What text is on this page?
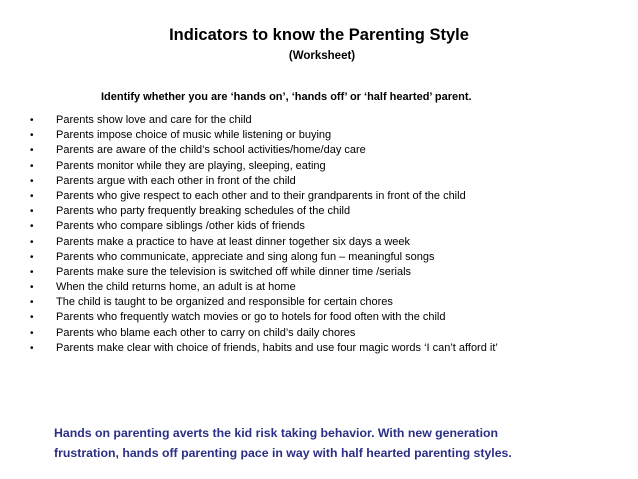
Indicators to know the Parenting Style
(Worksheet)
Identify whether you are ‘hands on’, ‘hands off’ or ‘half hearted’ parent.
• Parents show love and care for the child
• Parents impose choice of music while listening or buying
• Parents are aware of the child’s school activities/home/day care
• Parents monitor while they are playing, sleeping, eating
• Parents argue with each other in front of the child
• Parents who give respect to each other and to their grandparents in front of the child
• Parents who party frequently breaking schedules of the child
• Parents who compare siblings /other kids of friends
• Parents make a practice to have at least dinner together six days a week
• Parents who communicate, appreciate and sing along fun – meaningful songs
• Parents make sure the television is switched off while dinner time /serials
• When the child returns home, an adult is at home
• The child is taught to be organized and responsible for certain chores
• Parents who frequently watch movies or go to hotels for food often with the child
• Parents who blame each other to carry on child’s daily chores
• Parents make clear with choice of friends, habits and use four magic words ‘I can’t afford it’
Hands on parenting averts the kid risk taking behavior. With new generation
frustration, hands off parenting pace in way with half hearted parenting styles.
